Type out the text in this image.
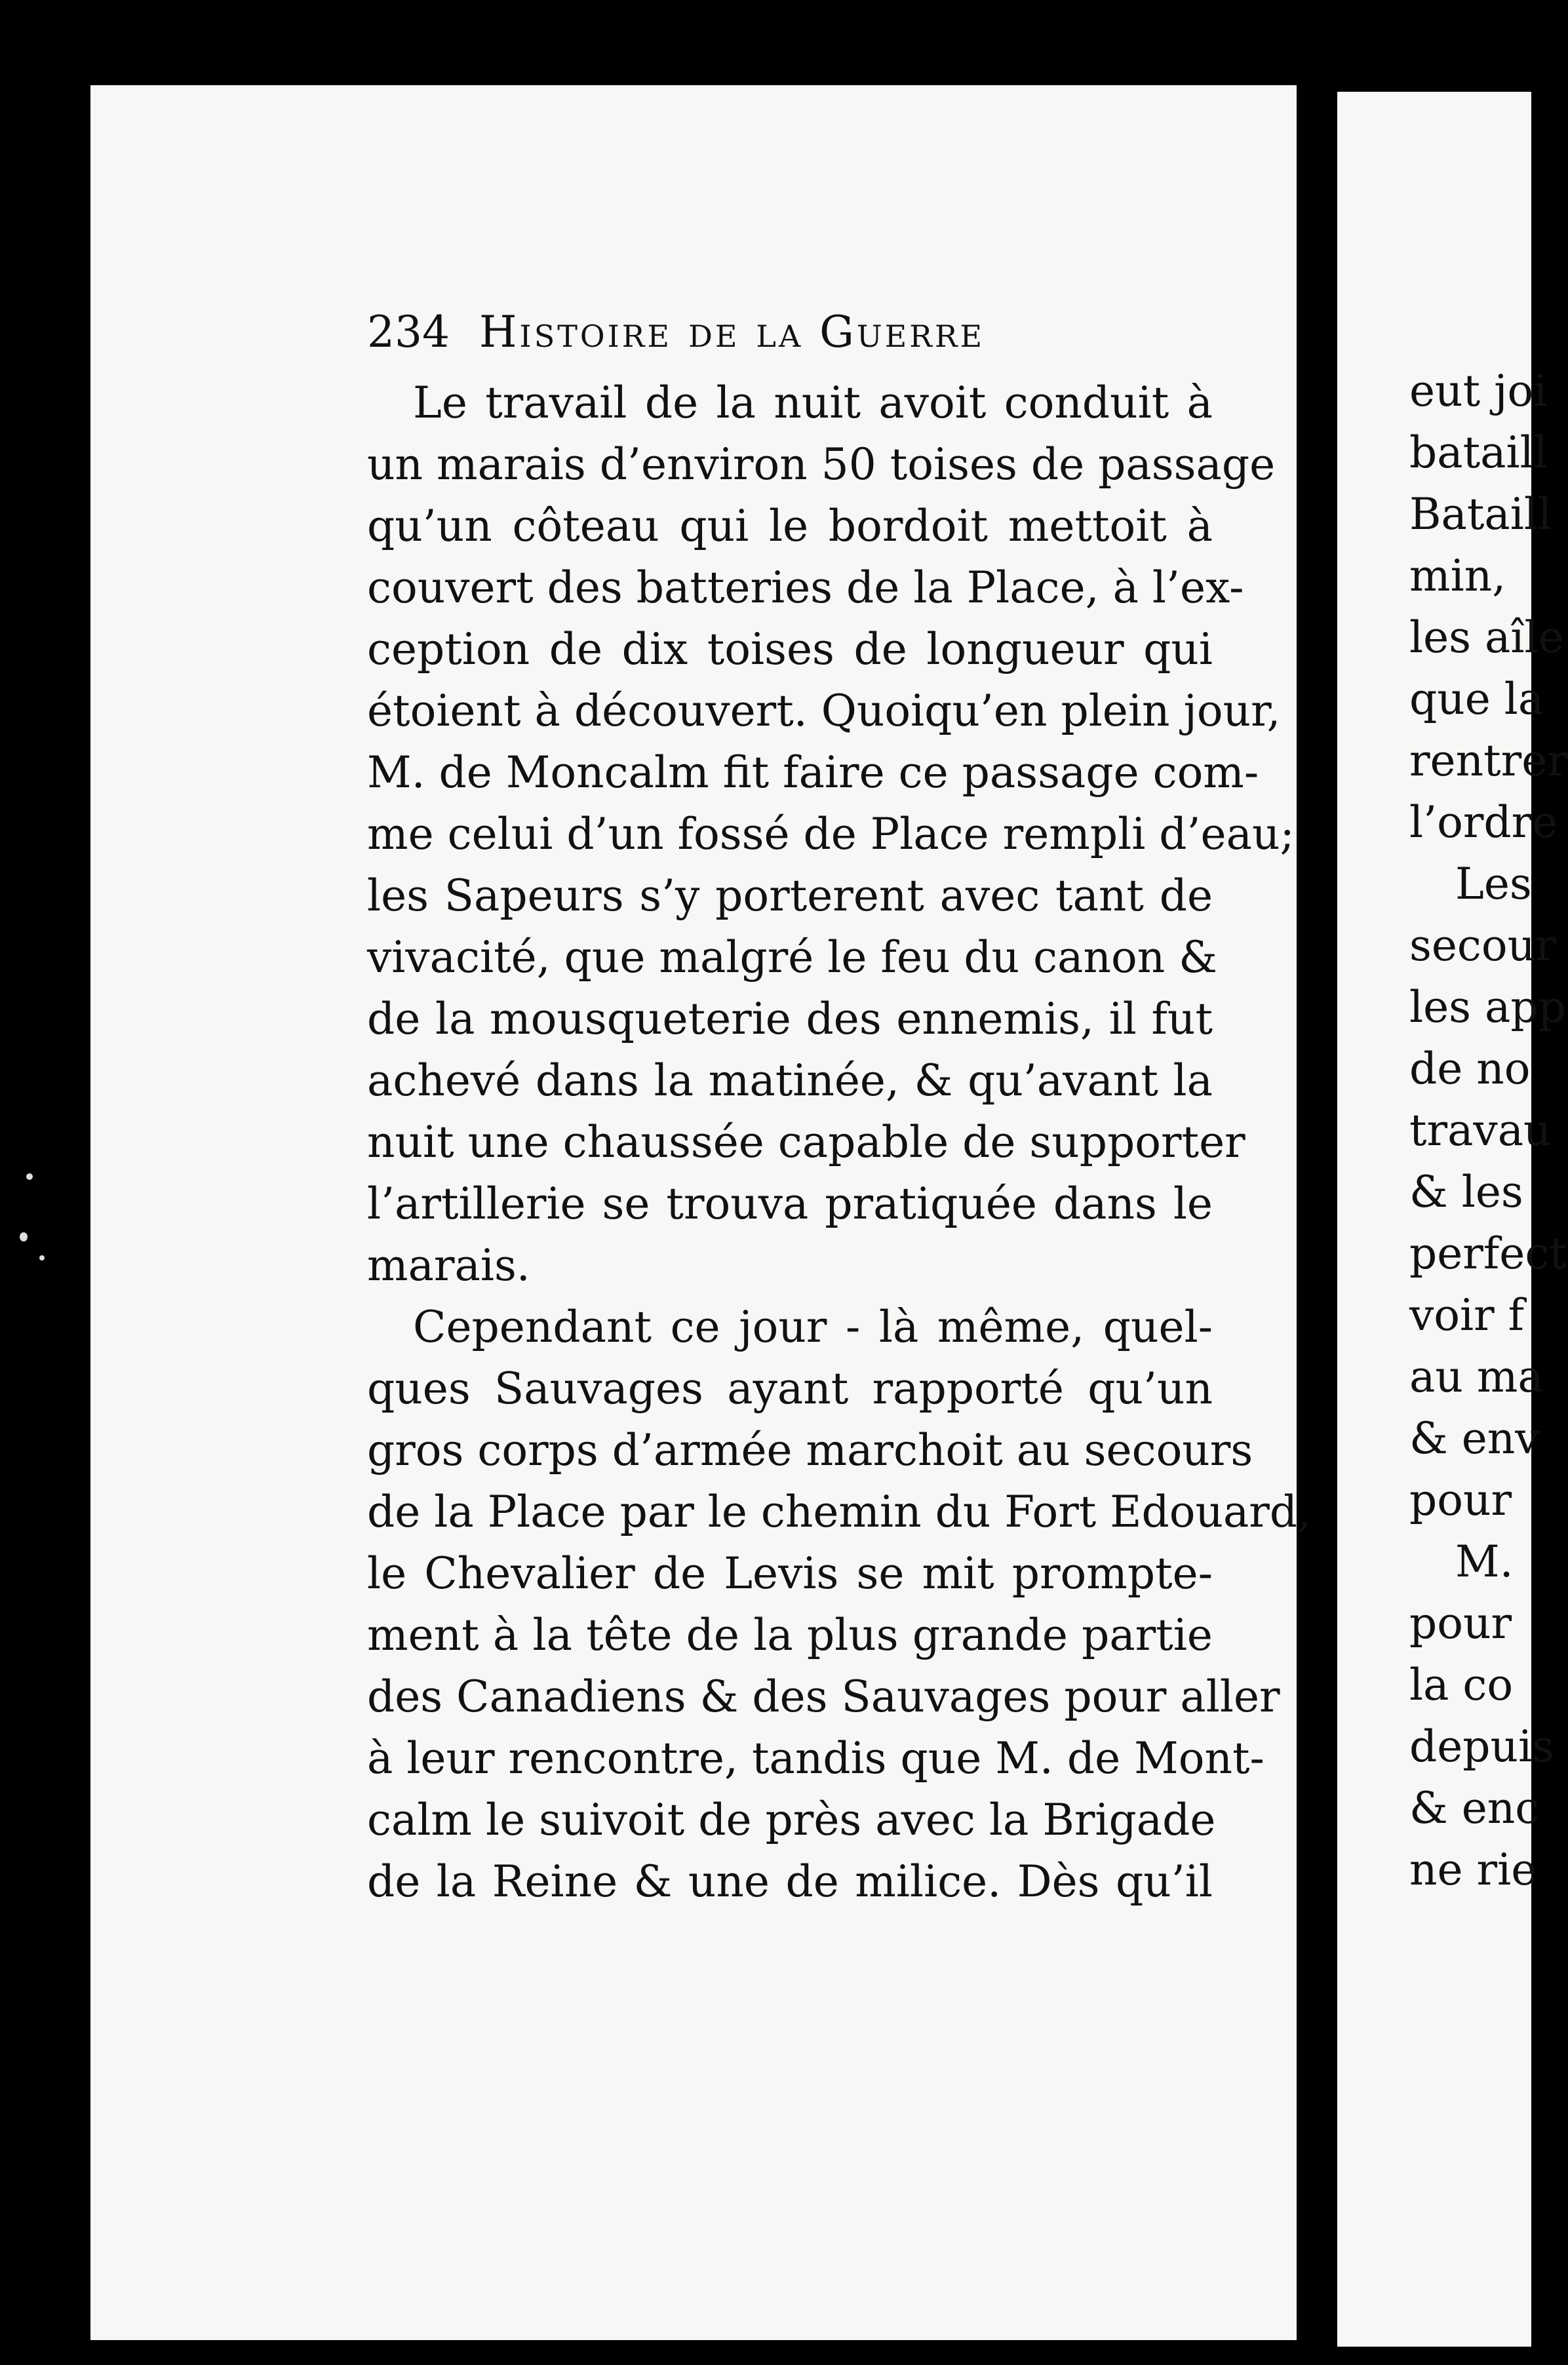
234 Histoire de la Guerre
Le travail de la nuit avoit conduit à
un marais d’environ 50 toises de passage
qu’un côteau qui le bordoit mettoit à
couvert des batteries de la Place, à l’ex-
ception de dix toises de longueur qui
étoient à découvert. Quoiqu’en plein jour,
M. de Moncalm fit faire ce passage com-
me celui d’un fossé de Place rempli d’eau;
les Sapeurs s’y porterent avec tant de
vivacité, que malgré le feu du canon &
de la mousqueterie des ennemis, il fut
achevé dans la matinée, & qu’avant la
nuit une chaussée capable de supporter
l’artillerie se trouva pratiquée dans le
marais.
Cependant ce jour - là même, quel-
ques Sauvages ayant rapporté qu’un
gros corps d’armée marchoit au secours
de la Place par le chemin du Fort Edouard,
le Chevalier de Levis se mit prompte-
ment à la tête de la plus grande partie
des Canadiens & des Sauvages pour aller
à leur rencontre, tandis que M. de Mont-
calm le suivoit de près avec la Brigade
de la Reine & une de milice. Dès qu’il
eut joi
bataill
Bataill
min,
les aîle
que la
rentrer
l’ordre
Les
secour
les app
de no
travau
& les
perfect
voir f
au ma
& env
pour
M.
pour
la co
depuis
& enc
ne rie
